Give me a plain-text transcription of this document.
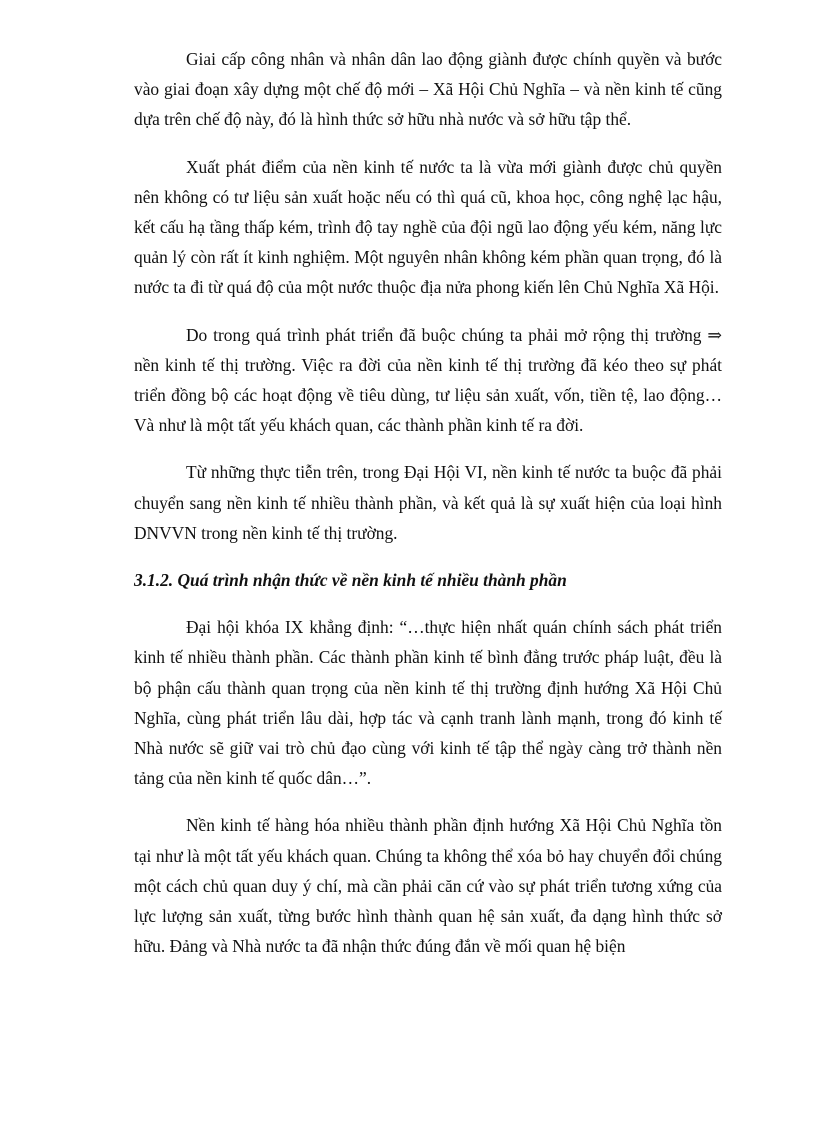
Giai cấp công nhân và nhân dân lao động giành được chính quyền và bước vào giai đoạn xây dựng một chế độ mới – Xã Hội Chủ Nghĩa – và nền kinh tế cũng dựa trên chế độ này, đó là hình thức sở hữu nhà nước và sở hữu tập thể.

Xuất phát điểm của nền kinh tế nước ta là vừa mới giành được chủ quyền nên không có tư liệu sản xuất hoặc nếu có thì quá cũ, khoa học, công nghệ lạc hậu, kết cấu hạ tầng thấp kém, trình độ tay nghề của đội ngũ lao động yếu kém, năng lực quản lý còn rất ít kinh nghiệm. Một nguyên nhân không kém phần quan trọng, đó là nước ta đi từ quá độ của một nước thuộc địa nửa phong kiến lên Chủ Nghĩa Xã Hội.

Do trong quá trình phát triển đã buộc chúng ta phải mở rộng thị trường ⇒ nền kinh tế thị trường. Việc ra đời của nền kinh tế thị trường đã kéo theo sự phát triển đồng bộ các hoạt động về tiêu dùng, tư liệu sản xuất, vốn, tiền tệ, lao động… Và như là một tất yếu khách quan, các thành phần kinh tế ra đời.

Từ những thực tiễn trên, trong Đại Hội VI, nền kinh tế nước ta buộc đã phải chuyển sang nền kinh tế nhiều thành phần, và kết quả là sự xuất hiện của loại hình DNVVN trong nền kinh tế thị trường.

3.1.2. Quá trình nhận thức về nền kinh tế nhiều thành phần

Đại hội khóa IX khẳng định: “…thực hiện nhất quán chính sách phát triển kinh tế nhiều thành phần. Các thành phần kinh tế bình đẳng trước pháp luật, đều là bộ phận cấu thành quan trọng của nền kinh tế thị trường định hướng Xã Hội Chủ Nghĩa, cùng phát triển lâu dài, hợp tác và cạnh tranh lành mạnh, trong đó kinh tế Nhà nước sẽ giữ vai trò chủ đạo cùng với kinh tế tập thể ngày càng trở thành nền tảng của nền kinh tế quốc dân…”.

Nền kinh tế hàng hóa nhiều thành phần định hướng Xã Hội Chủ Nghĩa tồn tại như là một tất yếu khách quan. Chúng ta không thể xóa bỏ hay chuyển đổi chúng một cách chủ quan duy ý chí, mà cần phải căn cứ vào sự phát triển tương xứng của lực lượng sản xuất, từng bước hình thành quan hệ sản xuất, đa dạng hình thức sở hữu. Đảng và Nhà nước ta đã nhận thức đúng đắn về mối quan hệ biện
